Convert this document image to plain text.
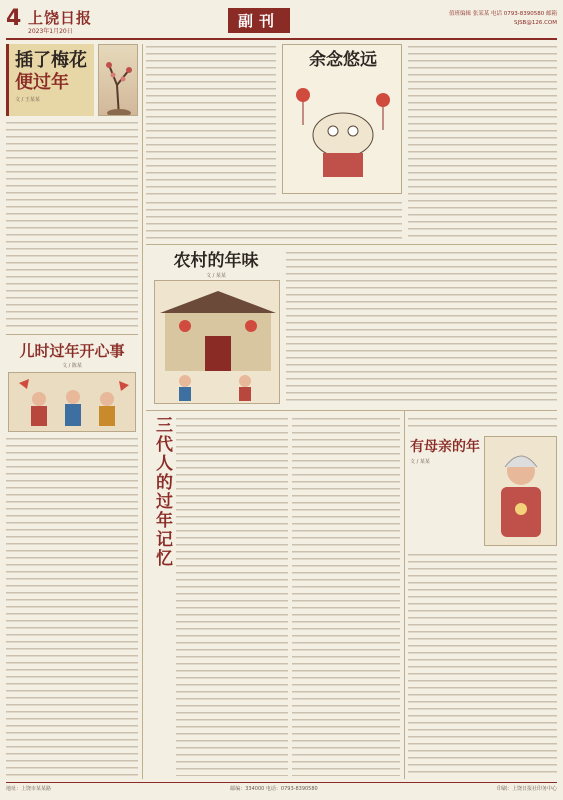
4 上饶日报
2023年1月20日
副刊	值班编辑 张某某 电话 0793-8390580 邮箱 SJSB@126.COM
插了梅花
便过年
文 / 王某某

儿时过年开心事
文 / 陈某
余念悠远
农村的年味
文 / 某某
三代人的过年记忆	有母亲的年
文 / 某某
地址：上饶市某某路	邮编：334000 电话：0793-8390580	印刷：上饶日报社印务中心
